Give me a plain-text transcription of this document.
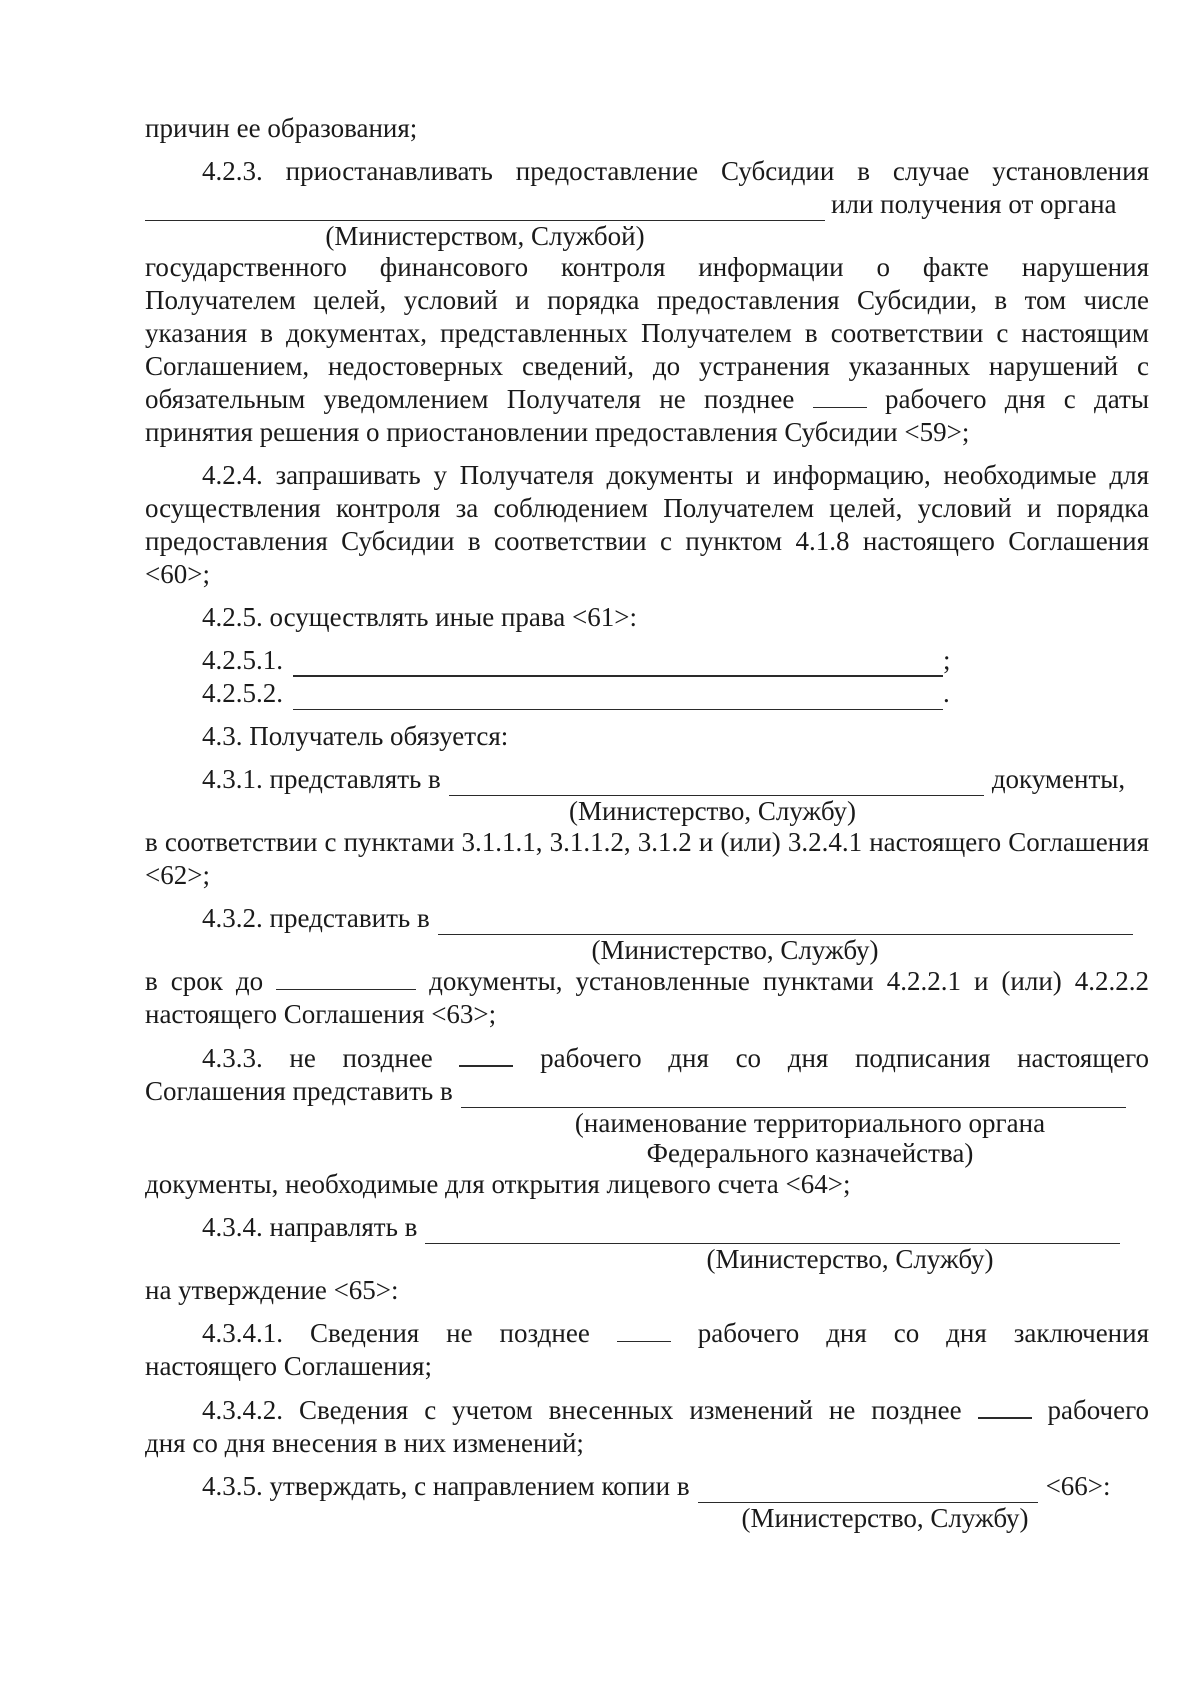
причин ее образования;

4.2.3. приостанавливать предоставление Субсидии в случае установления

или получения от органа
(Министерством, Службой)

государственного финансового контроля информации о факте нарушения Получателем целей, условий и порядка предоставления Субсидии, в том числе указания в документах, представленных Получателем в соответствии с настоящим Соглашением, недостоверных сведений, до устранения указанных нарушений с обязательным уведомлением Получателя не позднее	рабочего дня с даты принятия решения о приостановлении предоставления Субсидии <59>;

4.2.4. запрашивать у Получателя документы и информацию, необходимые для осуществления контроля за соблюдением Получателем целей, условий и порядка предоставления Субсидии в соответствии с пунктом 4.1.8 настоящего Соглашения <60>;

4.2.5. осуществлять иные права <61>:

4.2.5.1.	;
4.2.5.2.	.

4.3. Получатель обязуется:

4.3.1. представлять в	документы,
(Министерство, Службу)

в соответствии с пунктами 3.1.1.1, 3.1.1.2, 3.1.2 и (или) 3.2.4.1 настоящего Соглашения <62>;

4.3.2. представить в
(Министерство, Службу)

в срок до	документы, установленные пунктами 4.2.2.1 и (или) 4.2.2.2

настоящего Соглашения <63>;

4.3.3. не позднее	рабочего дня со дня подписания настоящего

Соглашения представить в
(наименование территориального органа
Федерального казначейства)

документы, необходимые для открытия лицевого счета <64>;

4.3.4. направлять в
(Министерство, Службу)

на утверждение <65>:

4.3.4.1. Сведения не позднее	рабочего дня со дня заключения

настоящего Соглашения;

4.3.4.2. Сведения с учетом внесенных изменений не позднее	рабочего

дня со дня внесения в них изменений;

4.3.5. утверждать, с направлением копии в	<66>:
(Министерство, Службу)
